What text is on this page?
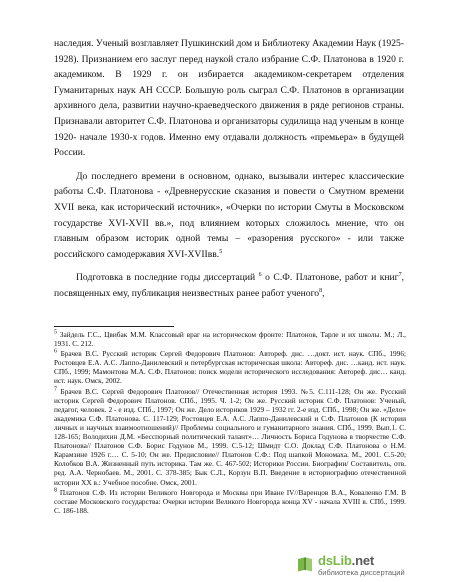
наследия. Ученый возглавляет Пушкинский дом и Библиотеку Академии Наук (1925-1928). Признанием его заслуг перед наукой стало избрание С.Ф. Платонова в 1920 г. академиком. В 1929 г. он избирается академиком-секретарем отделения Гуманитарных наук АН СССР. Большую роль сыграл С.Ф. Платонов в организации архивного дела, развитии научно-краеведческого движения в ряде регионов страны. Признавали авторитет С.Ф. Платонова и организаторы судилища над ученым в конце 1920- начале 1930-х годов. Именно ему отдавали должность «премьера» в будущей России.

До последнего времени в основном, однако, вызывали интерес классические работы С.Ф. Платонова - «Древнерусские сказания и повести о Смутном времени XVII века, как исторический источник», «Очерки по истории Смуты в Московском государстве XVI-XVII вв.», под влиянием которых сложилось мнение, что он главным образом историк одной темы – «разорения русского» - или также российского самодержавия XVI-XVIIвв.$^5$

Подготовка в последние годы диссертаций $^6$ о С.Ф. Платонове, работ и книг$^7$, посвященных ему, публикация неизвестных ранее работ ученого$^8$,

$^5$ Зайдель Г.С., Цвибак М.М. Классовый враг на историческом фронте: Платонов, Тарле и их школы. М.; Л., 1931. С. 212.

$^6$ Брачев В.С. Русский историк Сергей Федорович Платонов: Автореф. дис. …докт. ист. наук. СПб., 1996; Ростовцев Е.А. А.С. Лаппо-Данилевский и петербургская историческая школа: Автореф. дис. …канд. ист. наук. СПб., 1999; Мамонтова М.А. С.Ф. Платонов: поиск модели исторического исследования: Автореф. дис… канд. ист. наук. Омск, 2002.

$^7$ Брачев В.С. Сергей Федорович Платонов// Отечественная история 1993. №5. С.111-128; Он же. Русский историк Сергей Федорович Платонов. СПб., 1995. Ч. 1-2; Он же. Русский историк С.Ф. Платонов: Ученый, педагог, человек. 2 - е изд. СПб., 1997; Он же. Дело историков 1929 – 1932 гг. 2-е изд. СПб., 1998; Он же. «Дело» академика С.Ф. Платонова. С. 117-129; Ростовцев Е.А. А.С. Лаппо-Данилевский и С.Ф. Платонов (К истории личных и научных взаимоотношений)// Проблемы социального и гуманитарного знания. СПб., 1999. Вып.1. С. 128-165; Володихин Д.М. «Бесспорный политический талант»… Личность Бориса Годунова в творчестве С.Ф. Платонова// Платонов С.Ф. Борис Годунов М., 1999. С.5-12; Шмидт С.О. Доклад С.Ф. Платонова о Н.М. Карамзине 1926 г.… С. 5-10; Он же. Предисловие// Платонов С.Ф.: Под шапкой Мономаха. М., 2001. С.5-20; Колобков В.А. Жизненный путь историка. Там же. С. 467-502; Историки России. Биографии/ Составитель, отв. ред. А.А. Чернобаев. М., 2001. С. 378-385; Бык С.Л., Корзун В.П. Введение в историографию отечественной истории XX в.: Учебное пособие. Омск, 2001.

$^8$ Платонов С.Ф. Из истории Великого Новгорода и Москвы при Иване IV//Варенцов В.А., Коваленко Г.М. В составе Московского государства: Очерки истории Великого Новгорода конца XV - начала XVIII в. СПб., 1999. С. 186-188.

dsLib.net
библиотека диссертаций
